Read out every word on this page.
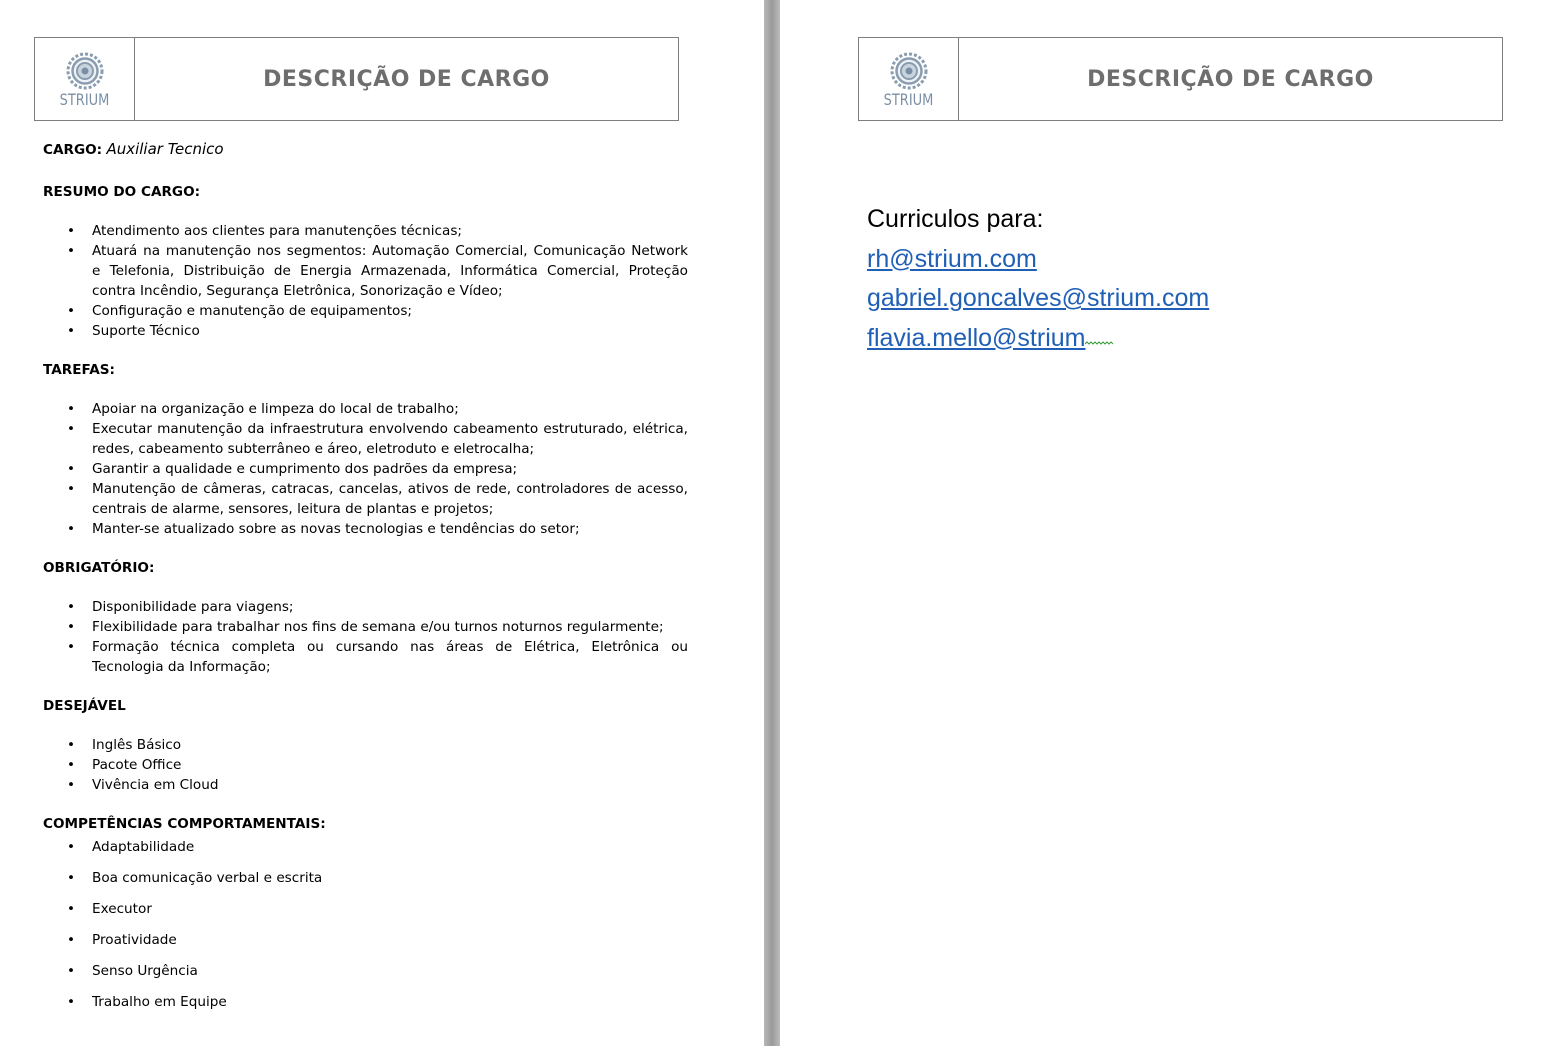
STRIUM
DESCRIÇÃO DE CARGO

CARGO: Auxiliar Tecnico

RESUMO DO CARGO:
• Atendimento aos clientes para manutenções técnicas;
• Atuará na manutenção nos segmentos: Automação Comercial, Comunicação Network e Telefonia, Distribuição de Energia Armazenada, Informática Comercial, Proteção contra Incêndio, Segurança Eletrônica, Sonorização e Vídeo;
• Configuração e manutenção de equipamentos;
• Suporte Técnico
TAREFAS:
• Apoiar na organização e limpeza do local de trabalho;
• Executar manutenção da infraestrutura envolvendo cabeamento estruturado, elétrica, redes, cabeamento subterrâneo e áreo, eletroduto e eletrocalha;
• Garantir a qualidade e cumprimento dos padrões da empresa;
• Manutenção de câmeras, catracas, cancelas, ativos de rede, controladores de acesso, centrais de alarme, sensores, leitura de plantas e projetos;
• Manter-se atualizado sobre as novas tecnologias e tendências do setor;
OBRIGATÓRIO:
• Disponibilidade para viagens;
• Flexibilidade para trabalhar nos fins de semana e/ou turnos noturnos regularmente;
• Formação técnica completa ou cursando nas áreas de Elétrica, Eletrônica ou Tecnologia da Informação;
DESEJÁVEL
• Inglês Básico
• Pacote Office
• Vivência em Cloud
COMPETÊNCIAS COMPORTAMENTAIS:
• Adaptabilidade
• Boa comunicação verbal e escrita
• Executor
• Proatividade
• Senso Urgência
• Trabalho em Equipe
STRIUM
DESCRIÇÃO DE CARGO
Curriculos para:
rh@strium.com
gabriel.goncalves@strium.com
flavia.mello@strium
